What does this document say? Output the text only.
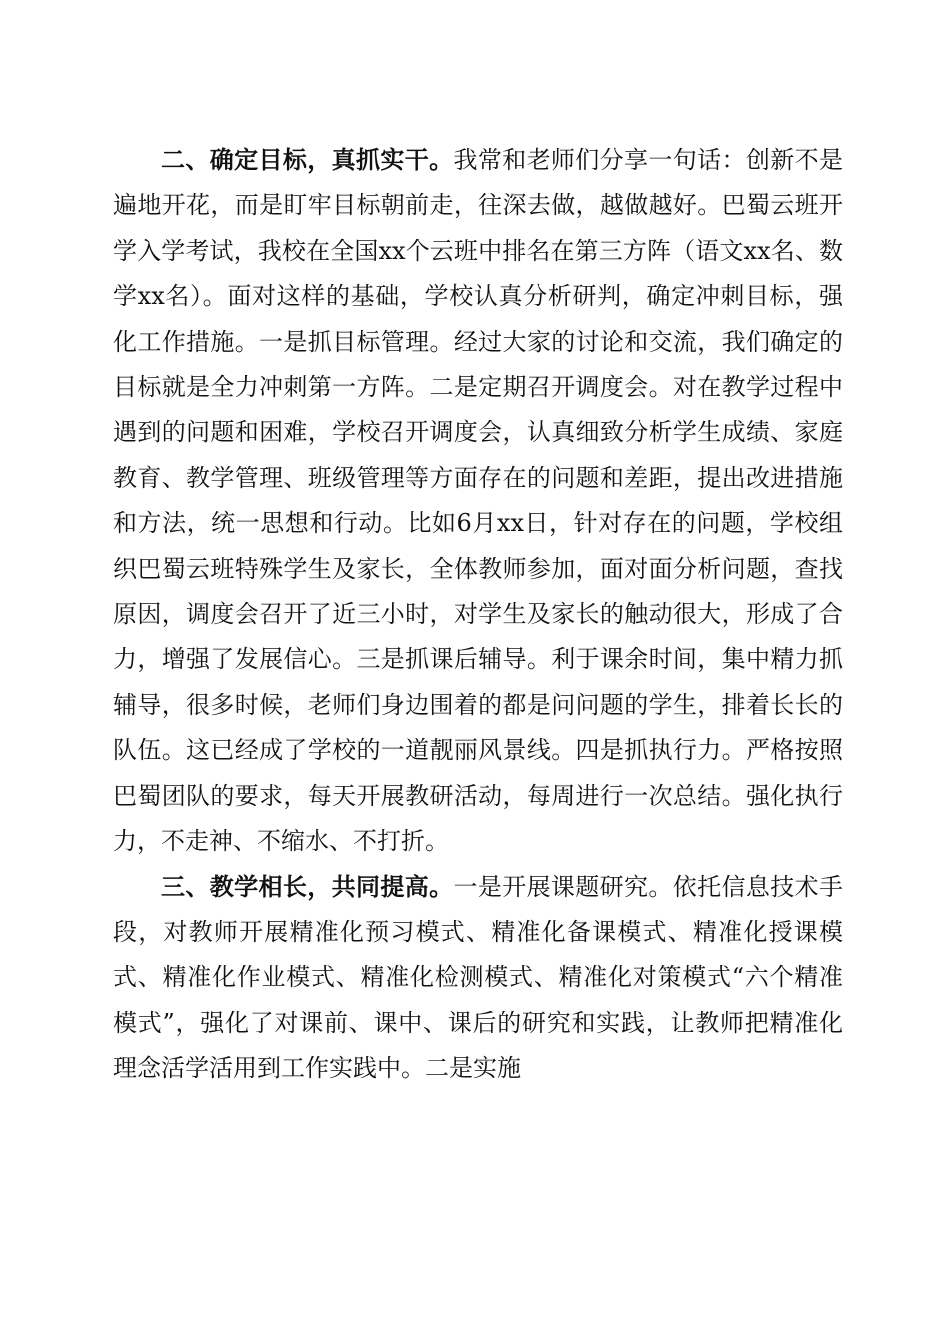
二、确定目标，真抓实干。我常和老师们分享一句话：创新不是遍地开花，而是盯牢目标朝前走，往深去做，越做越好。巴蜀云班开学入学考试，我校在全国xx个云班中排名在第三方阵（语文xx名、数学xx名）。面对这样的基础，学校认真分析研判，确定冲刺目标，强化工作措施。一是抓目标管理。经过大家的讨论和交流，我们确定的目标就是全力冲刺第一方阵。二是定期召开调度会。对在教学过程中遇到的问题和困难，学校召开调度会，认真细致分析学生成绩、家庭教育、教学管理、班级管理等方面存在的问题和差距，提出改进措施和方法，统一思想和行动。比如6月xx日，针对存在的问题，学校组织巴蜀云班特殊学生及家长，全体教师参加，面对面分析问题，查找原因，调度会召开了近三小时，对学生及家长的触动很大，形成了合力，增强了发展信心。三是抓课后辅导。利于课余时间，集中精力抓辅导，很多时候，老师们身边围着的都是问问题的学生，排着长长的队伍。这已经成了学校的一道靓丽风景线。四是抓执行力。严格按照巴蜀团队的要求，每天开展教研活动，每周进行一次总结。强化执行力，不走神、不缩水、不打折。

三、教学相长，共同提高。一是开展课题研究。依托信息技术手段，对教师开展精准化预习模式、精准化备课模式、精准化授课模式、精准化作业模式、精准化检测模式、精准化对策模式“六个精准模式”，强化了对课前、课中、课后的研究和实践，让教师把精准化理念活学活用到工作实践中。二是实施
